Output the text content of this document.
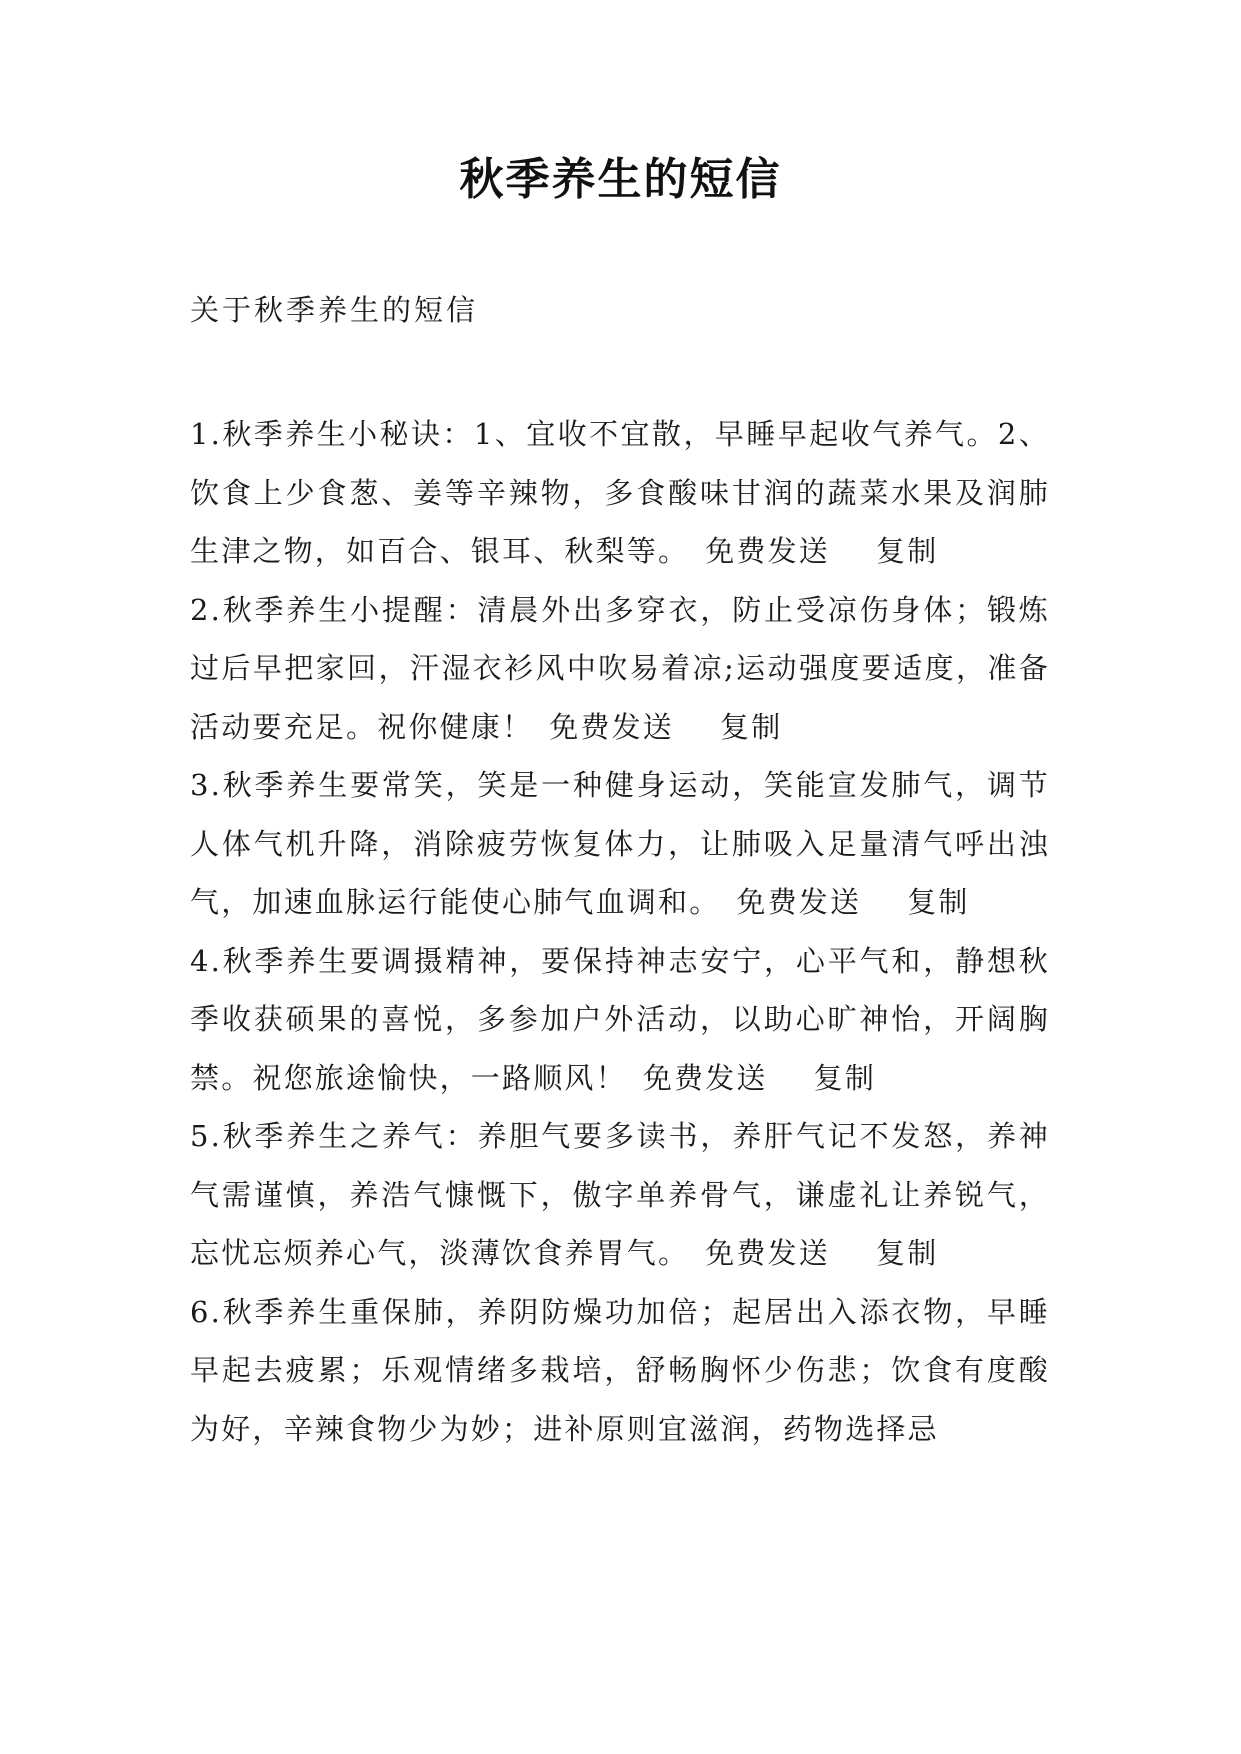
秋季养生的短信

关于秋季养生的短信

1.秋季养生小秘诀：1、宜收不宜散，早睡早起收气养气。2、饮食上少食葱、姜等辛辣物，多食酸味甘润的蔬菜水果及润肺生津之物，如百合、银耳、秋梨等。 免费发送 复制

2.秋季养生小提醒：清晨外出多穿衣，防止受凉伤身体；锻炼过后早把家回，汗湿衣衫风中吹易着凉;运动强度要适度，准备活动要充足。祝你健康！ 免费发送 复制

3.秋季养生要常笑，笑是一种健身运动，笑能宣发肺气，调节人体气机升降，消除疲劳恢复体力，让肺吸入足量清气呼出浊气，加速血脉运行能使心肺气血调和。 免费发送 复制

4.秋季养生要调摄精神，要保持神志安宁，心平气和，静想秋季收获硕果的喜悦，多参加户外活动，以助心旷神怡，开阔胸禁。祝您旅途愉快，一路顺风！ 免费发送 复制

5.秋季养生之养气：养胆气要多读书，养肝气记不发怒，养神气需谨慎，养浩气慷慨下，傲字单养骨气，谦虚礼让养锐气，忘忧忘烦养心气，淡薄饮食养胃气。 免费发送 复制

6.秋季养生重保肺，养阴防燥功加倍；起居出入添衣物，早睡早起去疲累；乐观情绪多栽培，舒畅胸怀少伤悲；饮食有度酸为好，辛辣食物少为妙；进补原则宜滋润，药物选择忌
